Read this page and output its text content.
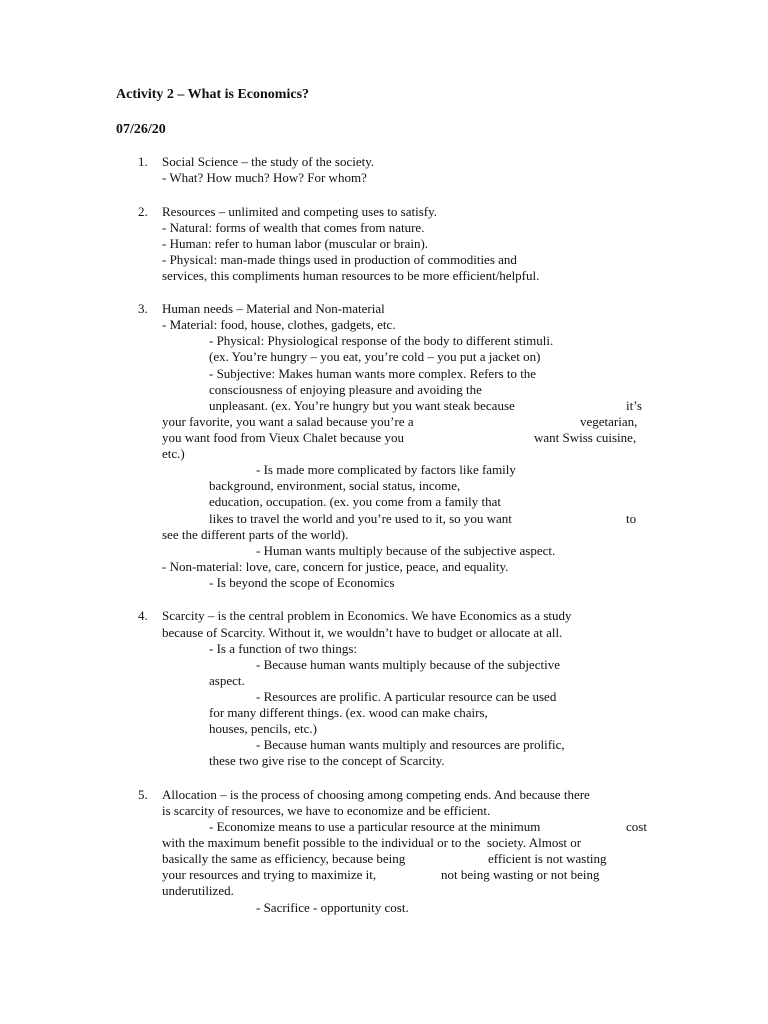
Activity 2 – What is Economics?
07/26/20
1. Social Science – the study of the society.
- What? How much? How? For whom?
2. Resources – unlimited and competing uses to satisfy.
- Natural: forms of wealth that comes from nature.
- Human: refer to human labor (muscular or brain).
- Physical: man-made things used in production of commodities and
services, this compliments human resources to be more efficient/helpful.
3. Human needs – Material and Non-material
- Material: food, house, clothes, gadgets, etc.
- Physical: Physiological response of the body to different stimuli.
(ex. You’re hungry – you eat, you’re cold – you put a jacket on)
- Subjective: Makes human wants more complex. Refers to the
consciousness of enjoying pleasure and avoiding the
unpleasant. (ex. You’re hungry but you want steak because	it’s
your favorite, you want a salad because you’re a	vegetarian,
you want food from Vieux Chalet because you	want Swiss cuisine,
etc.)
- Is made more complicated by factors like family
background, environment, social status, income,
education, occupation. (ex. you come from a family that
likes to travel the world and you’re used to it, so you want	to
see the different parts of the world).
- Human wants multiply because of the subjective aspect.
- Non-material: love, care, concern for justice, peace, and equality.
- Is beyond the scope of Economics
4. Scarcity – is the central problem in Economics. We have Economics as a study
because of Scarcity. Without it, we wouldn’t have to budget or allocate at all.
- Is a function of two things:
- Because human wants multiply because of the subjective
aspect.
- Resources are prolific. A particular resource can be used
for many different things. (ex. wood can make chairs,
houses, pencils, etc.)
- Because human wants multiply and resources are prolific,
these two give rise to the concept of Scarcity.
5. Allocation – is the process of choosing among competing ends. And because there
is scarcity of resources, we have to economize and be efficient.
- Economize means to use a particular resource at the minimum	cost
with the maximum benefit possible to the individual or to the  society. Almost or
basically the same as efficiency, because being	efficient is not wasting
your resources and trying to maximize it,	not being wasting or not being
underutilized.
- Sacrifice - opportunity cost.
